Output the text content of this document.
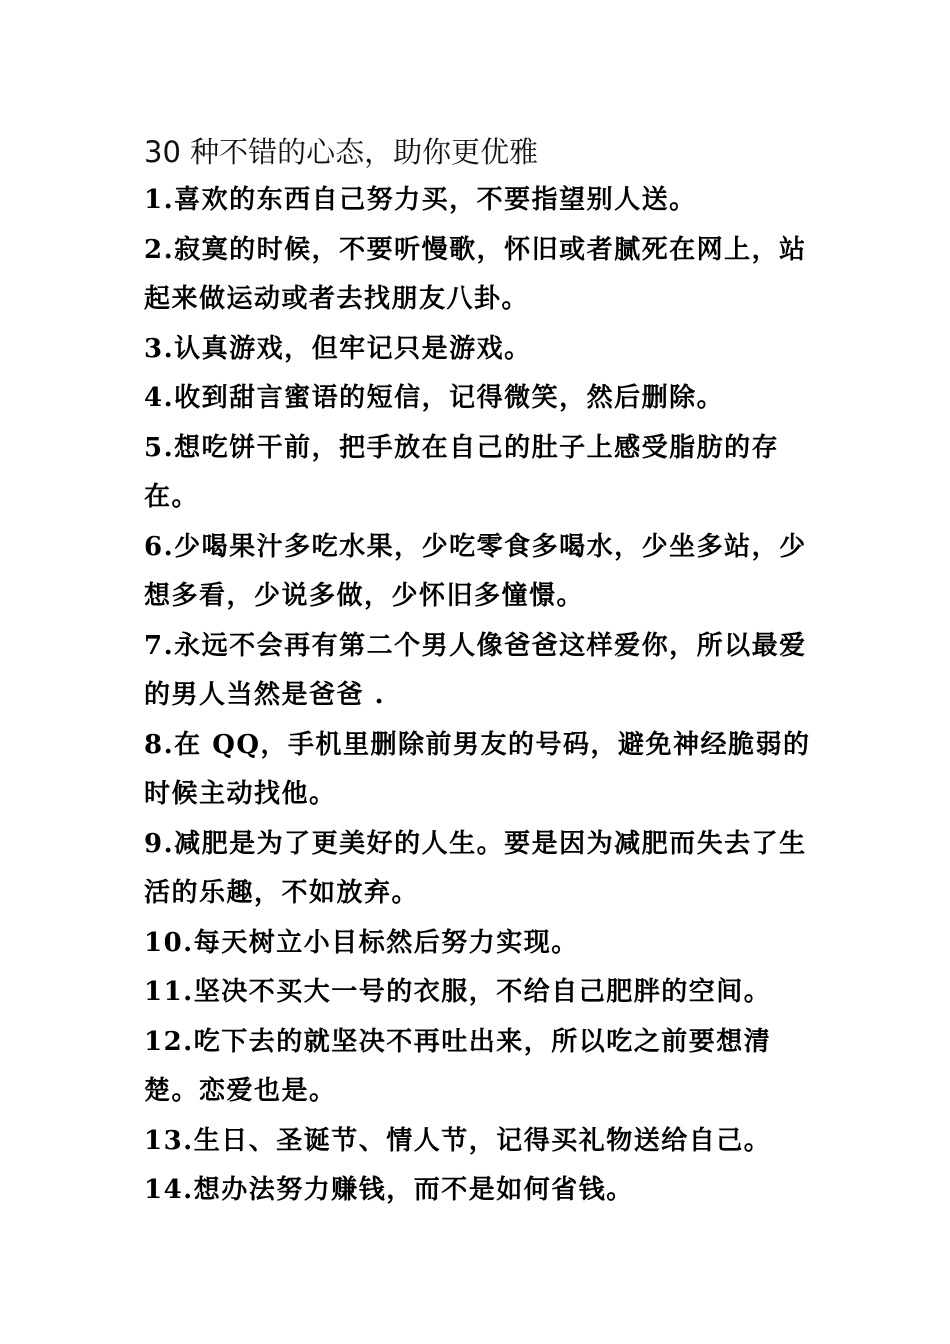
30 种不错的心态，助你更优雅

1.喜欢的东西自己努力买，不要指望别人送。

2.寂寞的时候，不要听慢歌，怀旧或者腻死在网上，站起来做运动或者去找朋友八卦。

3.认真游戏，但牢记只是游戏。

4.收到甜言蜜语的短信，记得微笑，然后删除。

5.想吃饼干前，把手放在自己的肚子上感受脂肪的存在。

6.少喝果汁多吃水果，少吃零食多喝水，少坐多站，少想多看，少说多做，少怀旧多憧憬。

7.永远不会再有第二个男人像爸爸这样爱你，所以最爱的男人当然是爸爸 .

8.在 QQ，手机里删除前男友的号码，避免神经脆弱的时候主动找他。

9.减肥是为了更美好的人生。要是因为减肥而失去了生活的乐趣，不如放弃。

10.每天树立小目标然后努力实现。

11.坚决不买大一号的衣服，不给自己肥胖的空间。

12.吃下去的就坚决不再吐出来，所以吃之前要想清楚。恋爱也是。

13.生日、圣诞节、情人节，记得买礼物送给自己。

14.想办法努力赚钱，而不是如何省钱。
